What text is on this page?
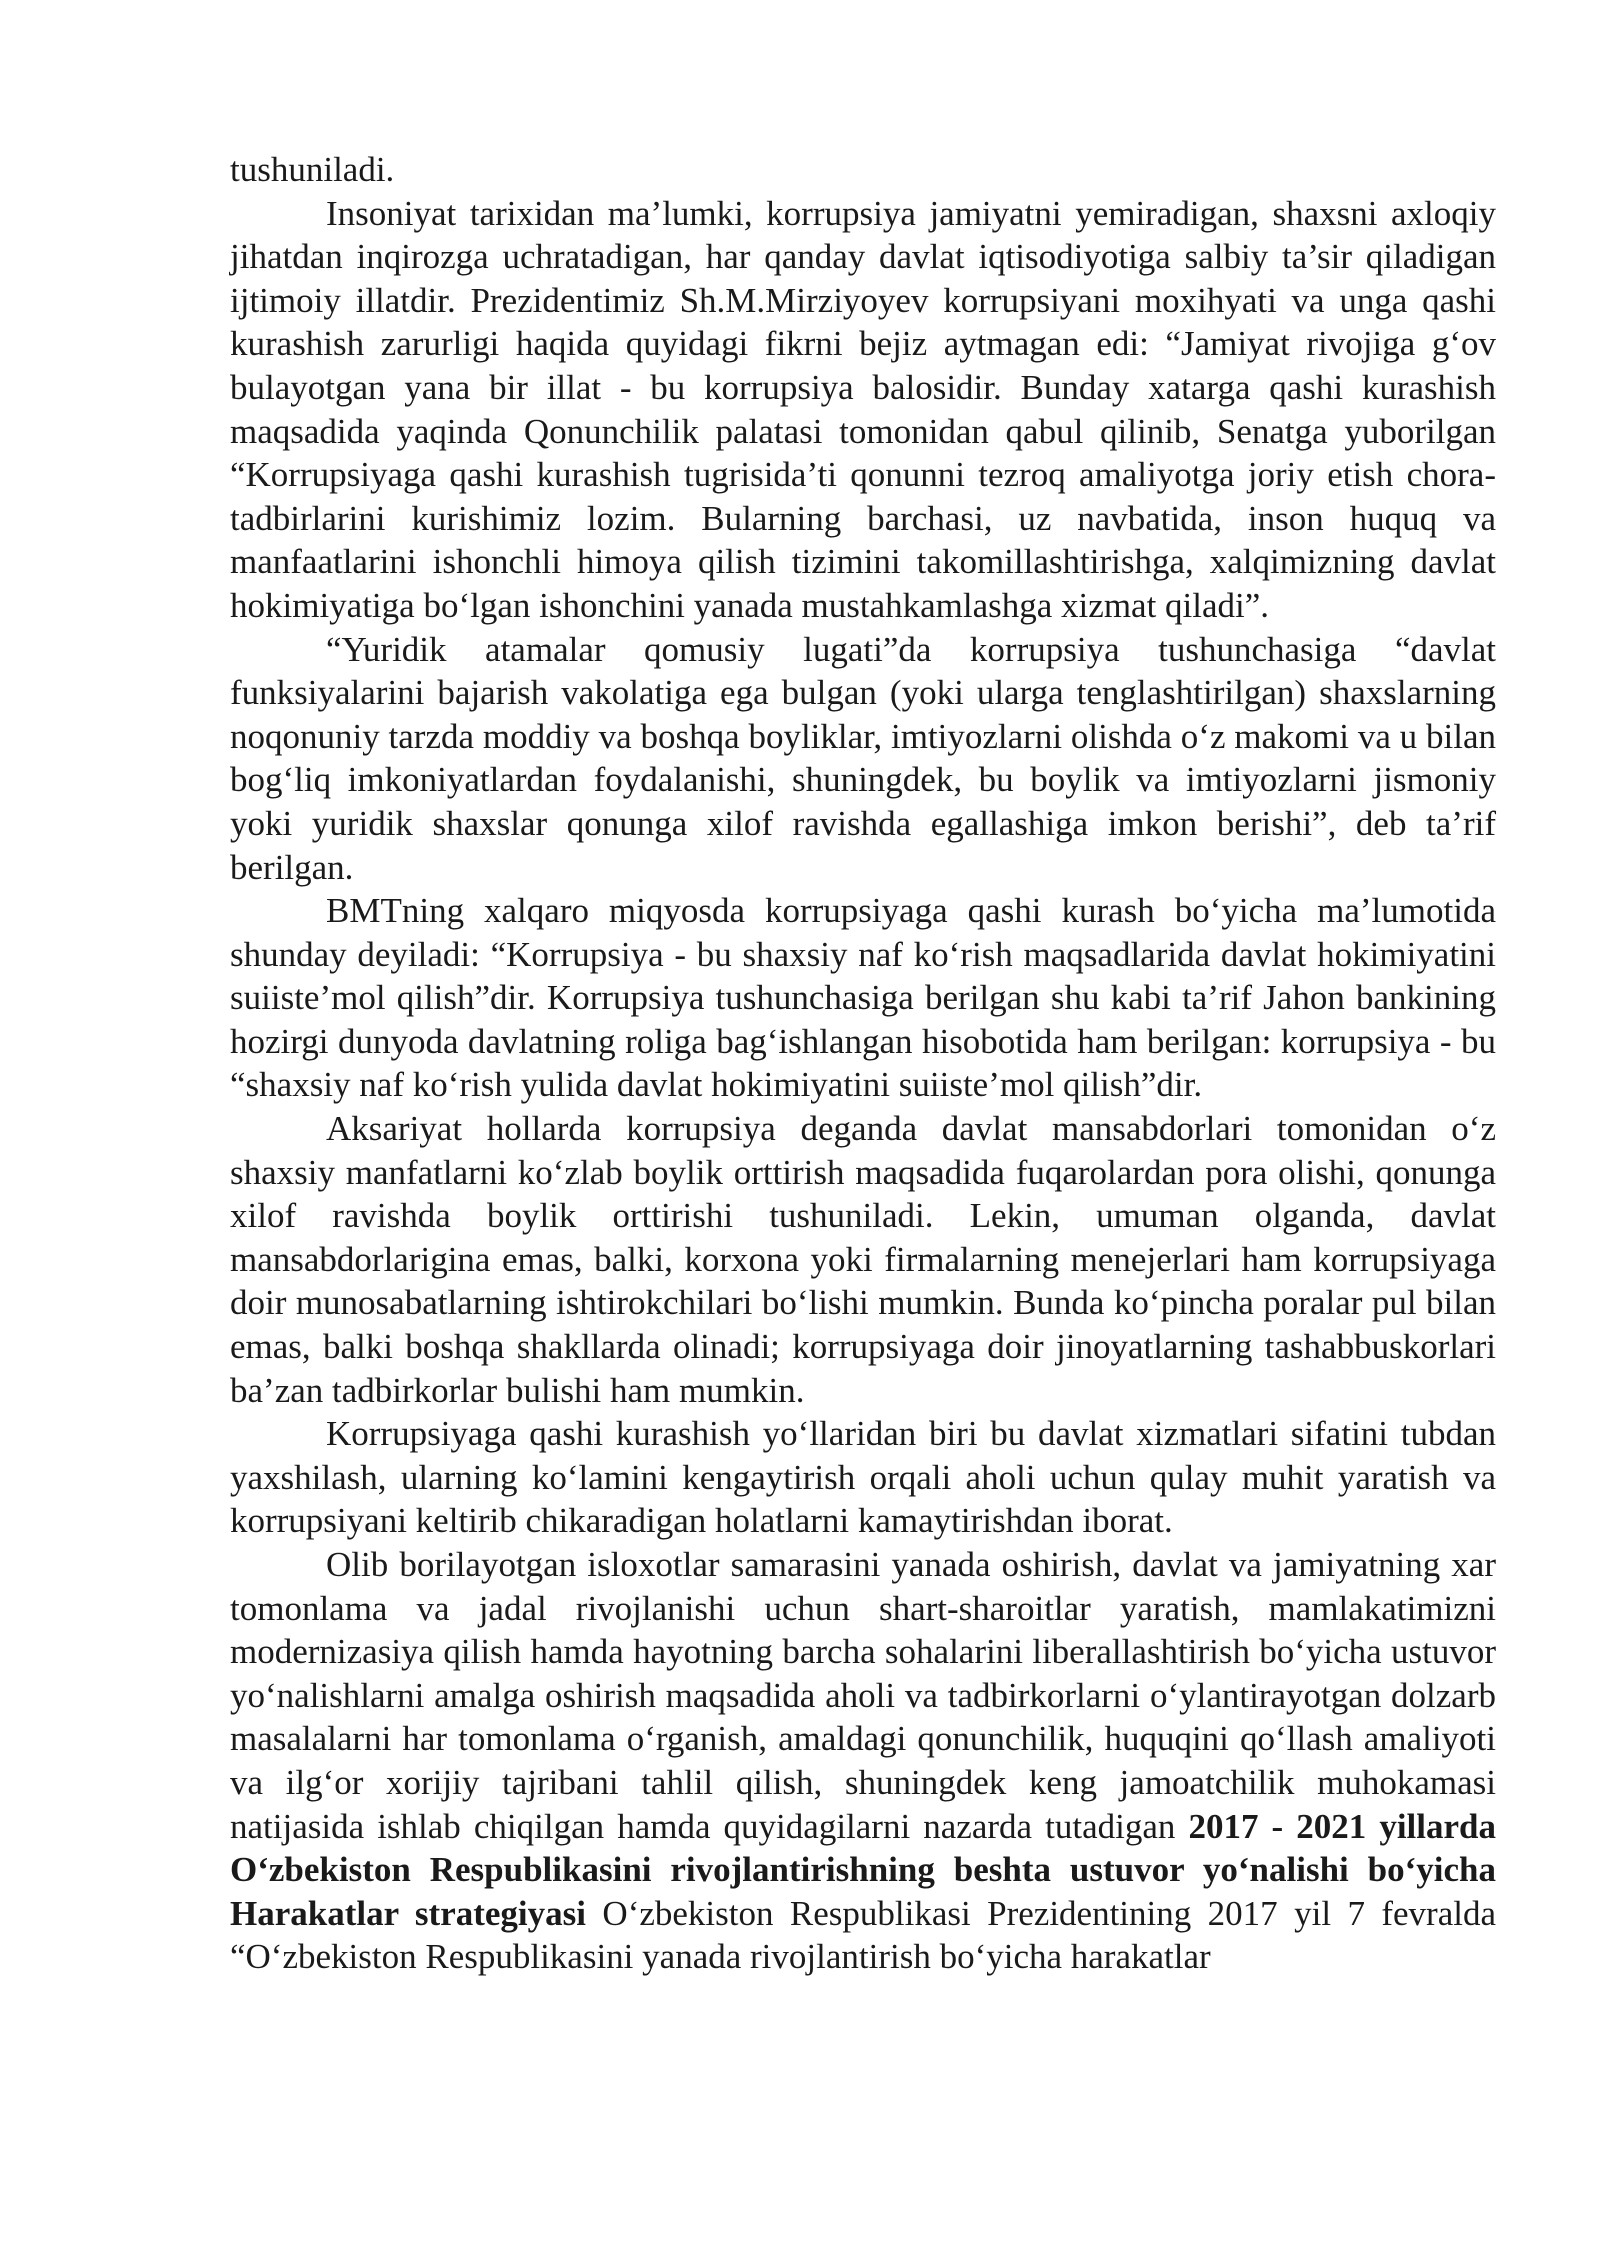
tushuniladi.

Insoniyat tarixidan ma’lumki, korrupsiya jamiyatni yemiradigan, shaxsni axloqiy jihatdan inqirozga uchratadigan, har qanday davlat iqtisodiyotiga salbiy ta’sir qiladigan ijtimoiy illatdir. Prezidentimiz Sh.M.Mirziyoyev korrupsiyani moxihyati va unga qashi kurashish zarurligi haqida quyidagi fikrni bejiz aytmagan edi: “Jamiyat rivojiga g‘ov bulayotgan yana bir illat - bu korrupsiya balosidir. Bunday xatarga qashi kurashish maqsadida yaqinda Qonunchilik palatasi tomonidan qabul qilinib, Senatga yuborilgan “Korrupsiyaga qashi kurashish tugrisida’ti qonunni tezroq amaliyotga joriy etish chora-tadbirlarini kurishimiz lozim. Bularning barchasi, uz navbatida, inson huquq va manfaatlarini ishonchli himoya qilish tizimini takomillashtirishga, xalqimizning davlat hokimiyatiga bo‘lgan ishonchini yanada mustahkamlashga xizmat qiladi”.

“Yuridik atamalar qomusiy lugati”da korrupsiya tushunchasiga “davlat funksiyalarini bajarish vakolatiga ega bulgan (yoki ularga tenglashtirilgan) shaxslarning noqonuniy tarzda moddiy va boshqa boyliklar, imtiyozlarni olishda o‘z makomi va u bilan bog‘liq imkoniyatlardan foydalanishi, shuningdek, bu boylik va imtiyozlarni jismoniy yoki yuridik shaxslar qonunga xilof ravishda egallashiga imkon berishi”, deb ta’rif berilgan.

BMTning xalqaro miqyosda korrupsiyaga qashi kurash bo‘yicha ma’lumotida shunday deyiladi: “Korrupsiya - bu shaxsiy naf ko‘rish maqsadlarida davlat hokimiyatini suiiste’mol qilish”dir. Korrupsiya tushunchasiga berilgan shu kabi ta’rif Jahon bankining hozirgi dunyoda davlatning roliga bag‘ishlangan hisobotida ham berilgan: korrupsiya - bu “shaxsiy naf ko‘rish yulida davlat hokimiyatini suiiste’mol qilish”dir.

Aksariyat hollarda korrupsiya deganda davlat mansabdorlari tomonidan o‘z shaxsiy manfatlarni ko‘zlab boylik orttirish maqsadida fuqarolardan pora olishi, qonunga xilof ravishda boylik orttirishi tushuniladi. Lekin, umuman olganda, davlat mansabdorlarigina emas, balki, korxona yoki firmalarning menejerlari ham korrupsiyaga doir munosabatlarning ishtirokchilari bo‘lishi mumkin. Bunda ko‘pincha poralar pul bilan emas, balki boshqa shakllarda olinadi; korrupsiyaga doir jinoyatlarning tashabbuskorlari ba’zan tadbirkorlar bulishi ham mumkin.

Korrupsiyaga qashi kurashish yo‘llaridan biri bu davlat xizmatlari sifatini tubdan yaxshilash, ularning ko‘lamini kengaytirish orqali aholi uchun qulay muhit yaratish va korrupsiyani keltirib chikaradigan holatlarni kamaytirishdan iborat.

Olib borilayotgan isloxotlar samarasini yanada oshirish, davlat va jamiyatning xar tomonlama va jadal rivojlanishi uchun shart-sharoitlar yaratish, mamlakatimizni modernizasiya qilish hamda hayotning barcha sohalarini liberallashtirish bo‘yicha ustuvor yo‘nalishlarni amalga oshirish maqsadida aholi va tadbirkorlarni o‘ylantirayotgan dolzarb masalalarni har tomonlama o‘rganish, amaldagi qonunchilik, huquqini qo‘llash amaliyoti va ilg‘or xorijiy tajribani tahlil qilish, shuningdek keng jamoatchilik muhokamasi natijasida ishlab chiqilgan hamda quyidagilarni nazarda tutadigan 2017 - 2021 yillarda O‘zbekiston Respublikasini rivojlantirishning beshta ustuvor yo‘nalishi bo‘yicha Harakatlar strategiyasi O‘zbekiston Respublikasi Prezidentining 2017 yil 7 fevralda “O‘zbekiston Respublikasini yanada rivojlantirish bo‘yicha harakatlar
